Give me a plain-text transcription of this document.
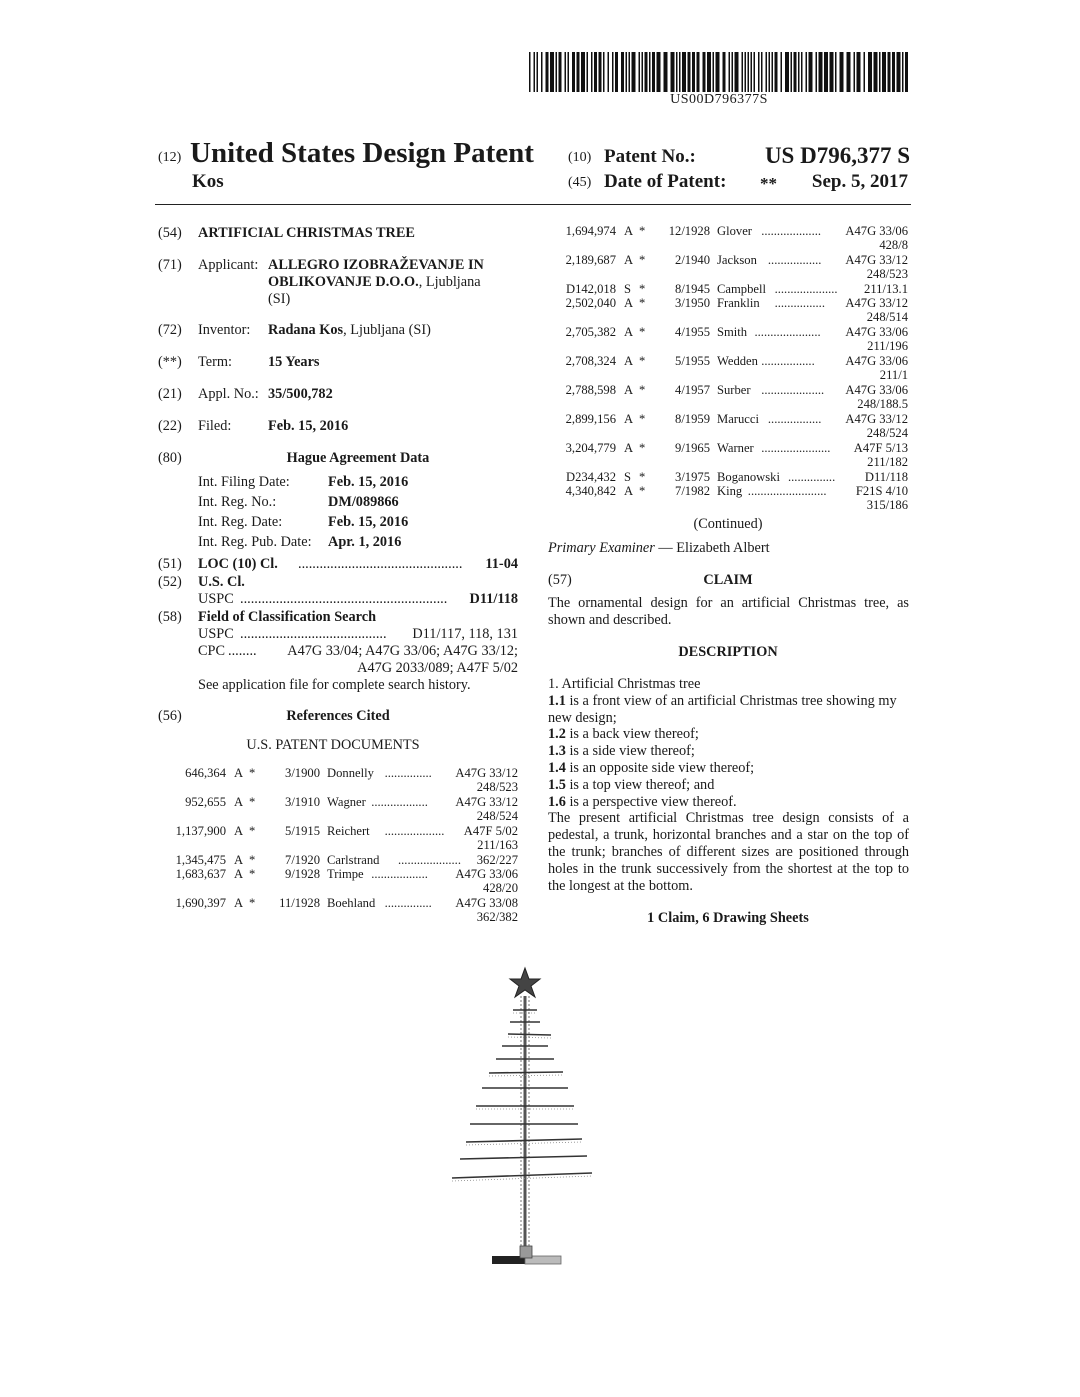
US00D796377S
(12) United States Design Patent
Kos
(10) Patent No.:	US D796,377 S
(45) Date of Patent: **	Sep. 5, 2017
(54) ARTIFICIAL CHRISTMAS TREE
(71) Applicant: ALLEGRO IZOBRAŽEVANJE IN
OBLIKOVANJE D.O.O., Ljubljana
(SI)
(72) Inventor: Radana Kos, Ljubljana (SI)
(**) Term:	15 Years
(21) Appl. No.: 35/500,782
(22) Filed:	Feb. 15, 2016
(80)	Hague Agreement Data
Int. Filing Date:	Feb. 15, 2016
Int. Reg. No.:	DM/089866
Int. Reg. Date:	Feb. 15, 2016
Int. Reg. Pub. Date: Apr. 1, 2016
(51) LOC (10) Cl. ..............................................	11-04
(52) U.S. Cl.
USPC ..........................................................	D11/118
(58) Field of Classification Search
USPC .........................................	D11/117, 118, 131
CPC ........	A47G 33/04; A47G 33/06; A47G 33/12;
A47G 2033/089; A47F 5/02
See application file for complete search history.
(56)	References Cited
U.S. PATENT DOCUMENTS
646,364 A * 3/1900 Donnelly ............... A47G 33/12
248/523
952,655 A * 3/1910 Wagner .................. A47G 33/12
248/524
1,137,900 A * 5/1915 Reichert ................... A47F 5/02
211/163
1,345,475 A * 7/1920 Carlstrand .................... 362/227
1,683,637 A * 9/1928 Trimpe .................. A47G 33/06
428/20
1,690,397 A * 11/1928 Boehland ............... A47G 33/08
362/382
1,694,974 A * 12/1928 Glover ................... A47G 33/06
428/8
2,189,687 A * 2/1940 Jackson ................. A47G 33/12
248/523
D142,018 S * 8/1945 Campbell .................... 211/13.1
2,502,040 A * 3/1950 Franklin ................ A47G 33/12
248/514
2,705,382 A * 4/1955 Smith ..................... A47G 33/06
211/196
2,708,324 A * 5/1955 Wedden ................. A47G 33/06
211/1
2,788,598 A * 4/1957 Surber .................... A47G 33/06
248/188.5
2,899,156 A * 8/1959 Marucci ................. A47G 33/12
248/524
3,204,779 A * 9/1965 Warner ...................... A47F 5/13
211/182
D234,432 S * 3/1975 Boganowski ............... D11/118
4,340,842 A * 7/1982 King ......................... F21S 4/10
315/186
(Continued)
Primary Examiner — Elizabeth Albert
(57)	CLAIM
The ornamental design for an artificial Christmas tree, as shown and described.
DESCRIPTION
1. Artificial Christmas tree
1.1 is a front view of an artificial Christmas tree showing my
new design;
1.2 is a back view thereof;
1.3 is a side view thereof;
1.4 is an opposite side view thereof;
1.5 is a top view thereof; and
1.6 is a perspective view thereof.
The present artificial Christmas tree design consists of a pedestal, a trunk, horizontal branches and a star on the top of the trunk; branches of different sizes are positioned through holes in the trunk successively from the shortest at the top to the longest at the bottom.
1 Claim, 6 Drawing Sheets
